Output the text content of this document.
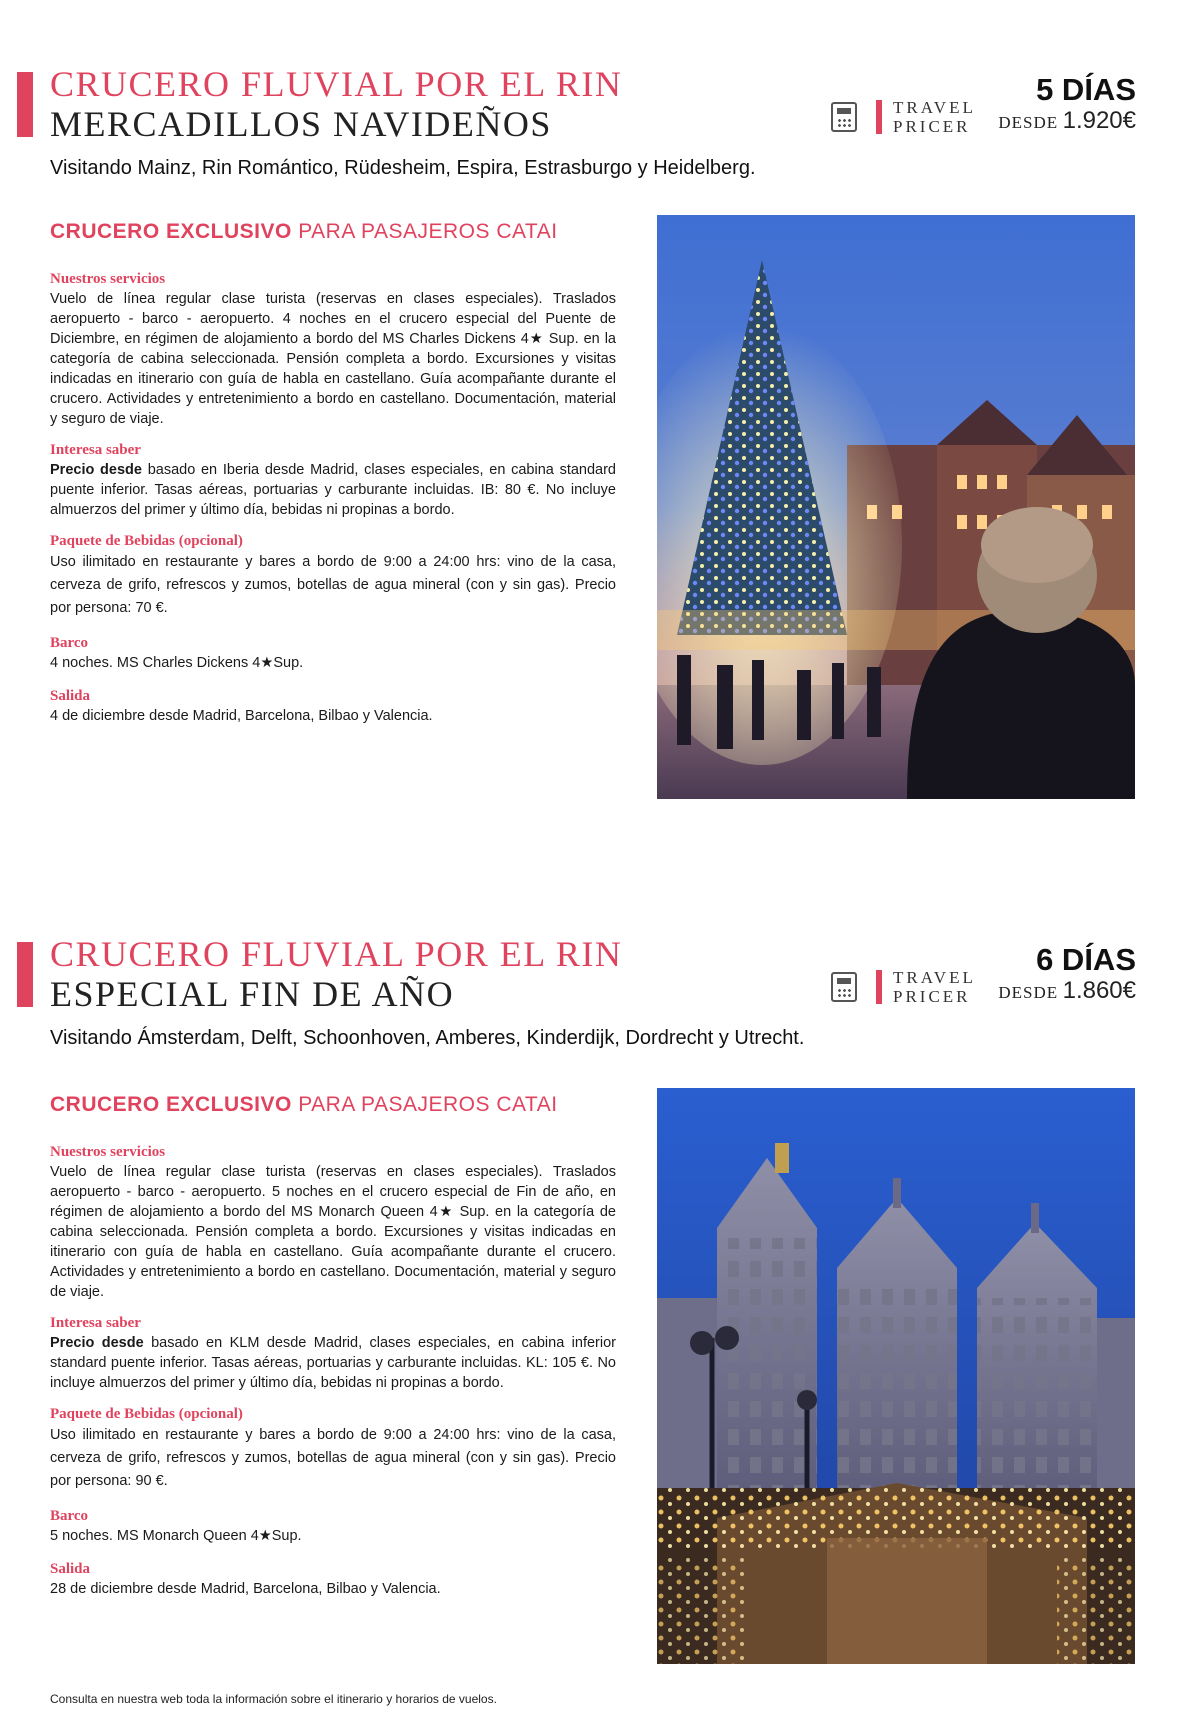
CRUCERO FLUVIAL POR EL RIN
MERCADILLOS NAVIDEÑOS	TRAVEL
PRICER
5 DÍAS
DESDE 1.920€
Visitando Mainz, Rin Romántico, Rüdesheim, Espira, Estrasburgo y Heidelberg.
CRUCERO EXCLUSIVO PARA PASAJEROS CATAI

Nuestros servicios

Vuelo de línea regular clase turista (reservas en clases especiales). Traslados aeropuerto - barco - aeropuerto. 4 noches en el crucero especial del Puente de Diciembre, en régimen de alojamiento a bordo del MS Charles Dickens 4★ Sup. en la categoría de cabina seleccionada. Pensión completa a bordo. Excursiones y visitas indicadas en itinerario con guía de habla en castellano. Guía acompañante durante el crucero. Actividades y entretenimiento a bordo en castellano. Documentación, material y seguro de viaje.

Interesa saber

Precio desde basado en Iberia desde Madrid, clases especiales, en cabina standard puente inferior. Tasas aéreas, portuarias y carburante incluidas. IB: 80 €. No incluye almuerzos del primer y último día, bebidas ni propinas a bordo.

Paquete de Bebidas (opcional)

Uso ilimitado en restaurante y bares a bordo de 9:00 a 24:00 hrs: vino de la casa, cerveza de grifo, refrescos y zumos, botellas de agua mineral (con y sin gas). Precio por persona: 70 €.

Barco

4 noches. MS Charles Dickens 4★Sup.

Salida

4 de diciembre desde Madrid, Barcelona, Bilbao y Valencia.

CRUCERO FLUVIAL POR EL RIN
ESPECIAL FIN DE AÑO	TRAVEL
PRICER
6 DÍAS
DESDE 1.860€
Visitando Ámsterdam, Delft, Schoonhoven, Amberes, Kinderdijk, Dordrecht y Utrecht.
CRUCERO EXCLUSIVO PARA PASAJEROS CATAI

Nuestros servicios

Vuelo de línea regular clase turista (reservas en clases especiales). Traslados aeropuerto - barco - aeropuerto. 5 noches en el crucero especial de Fin de año, en régimen de alojamiento a bordo del MS Monarch Queen 4★ Sup. en la categoría de cabina seleccionada. Pensión completa a bordo. Excursiones y visitas indicadas en itinerario con guía de habla en castellano. Guía acompañante durante el crucero. Actividades y entretenimiento a bordo en castellano. Documentación, material y seguro de viaje.

Interesa saber

Precio desde basado en KLM desde Madrid, clases especiales, en cabina inferior standard puente inferior. Tasas aéreas, portuarias y carburante incluidas. KL: 105 €. No incluye almuerzos del primer y último día, bebidas ni propinas a bordo.

Paquete de Bebidas (opcional)

Uso ilimitado en restaurante y bares a bordo de 9:00 a 24:00 hrs: vino de la casa, cerveza de grifo, refrescos y zumos, botellas de agua mineral (con y sin gas). Precio por persona: 90 €.

Barco

5 noches. MS Monarch Queen 4★Sup.

Salida

28 de diciembre desde Madrid, Barcelona, Bilbao y Valencia.

Consulta en nuestra web toda la información sobre el itinerario y horarios de vuelos.
